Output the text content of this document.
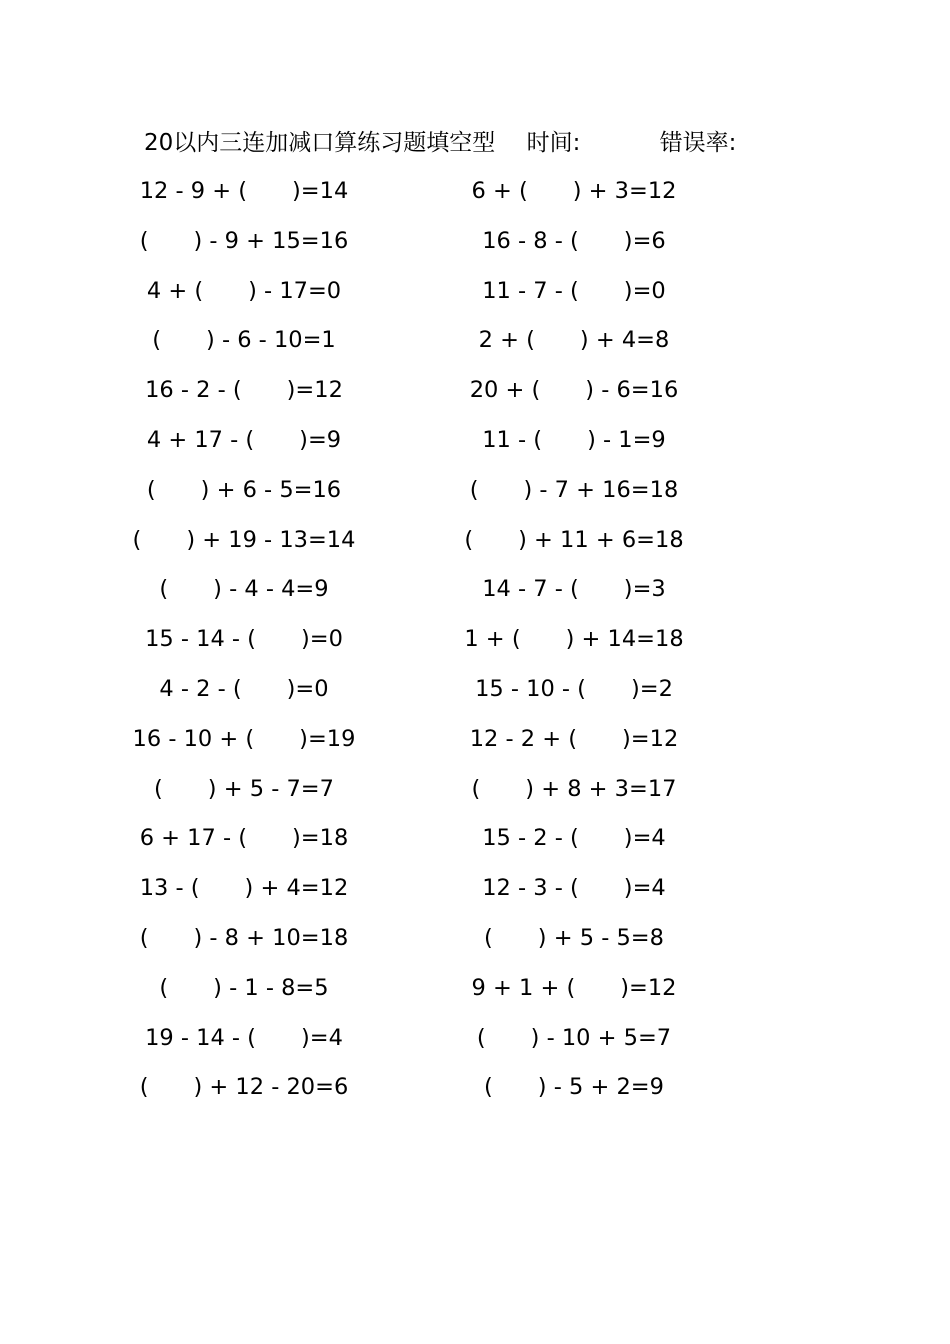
20以内三连加减口算练习题填空型 时间:	错误率:
12 - 9 + (　　)=14
(　　) - 9 + 15=16
4 + (　　) - 17=0
(　　) - 6 - 10=1
16 - 2 - (　　)=12
4 + 17 - (　　)=9
(　　) + 6 - 5=16
(　　) + 19 - 13=14
(　　) - 4 - 4=9
15 - 14 - (　　)=0
4 - 2 - (　　)=0
16 - 10 + (　　)=19
(　　) + 5 - 7=7
6 + 17 - (　　)=18
13 - (　　) + 4=12
(　　) - 8 + 10=18
(　　) - 1 - 8=5
19 - 14 - (　　)=4
(　　) + 12 - 20=6
6 + (　　) + 3=12
16 - 8 - (　　)=6
11 - 7 - (　　)=0
2 + (　　) + 4=8
20 + (　　) - 6=16
11 - (　　) - 1=9
(　　) - 7 + 16=18
(　　) + 11 + 6=18
14 - 7 - (　　)=3
1 + (　　) + 14=18
15 - 10 - (　　)=2
12 - 2 + (　　)=12
(　　) + 8 + 3=17
15 - 2 - (　　)=4
12 - 3 - (　　)=4
(　　) + 5 - 5=8
9 + 1 + (　　)=12
(　　) - 10 + 5=7
(　　) - 5 + 2=9
